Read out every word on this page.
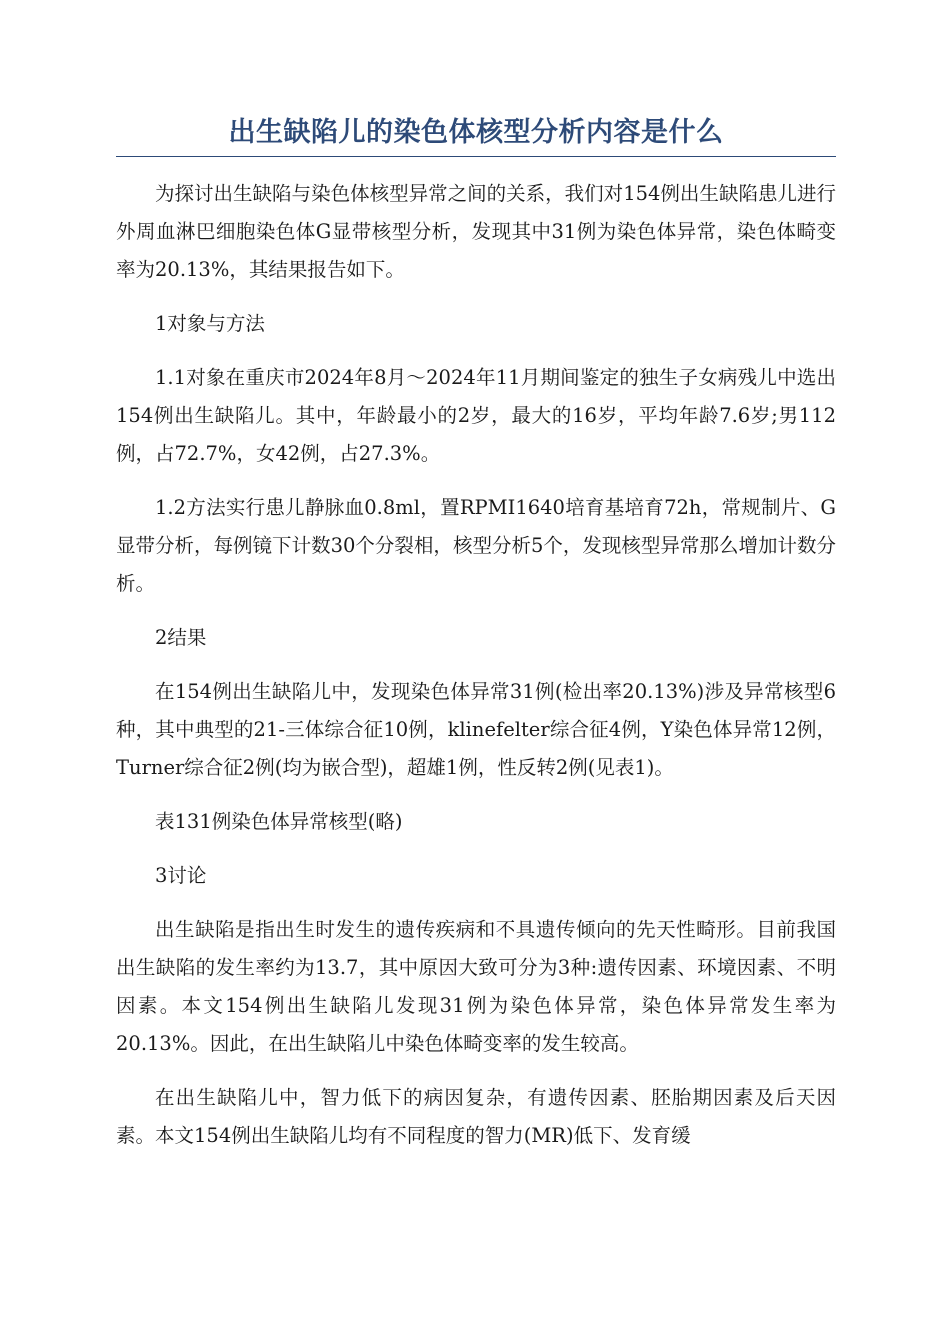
出生缺陷儿的染色体核型分析内容是什么

为探讨出生缺陷与染色体核型异常之间的关系，我们对154例出生缺陷患儿进行外周血淋巴细胞染色体G显带核型分析，发现其中31例为染色体异常，染色体畸变率为20.13%，其结果报告如下。

1对象与方法

1.1对象在重庆市2024年8月～2024年11月期间鉴定的独生子女病残儿中选出154例出生缺陷儿。其中，年龄最小的2岁，最大的16岁，平均年龄7.6岁;男112例，占72.7%，女42例，占27.3%。

1.2方法实行患儿静脉血0.8ml，置RPMI1640培育基培育72h，常规制片、G显带分析，每例镜下计数30个分裂相，核型分析5个，发现核型异常那么增加计数分析。

2结果

在154例出生缺陷儿中，发现染色体异常31例(检出率20.13%)涉及异常核型6种，其中典型的21-三体综合征10例，klinefelter综合征4例，Y染色体异常12例，Turner综合征2例(均为嵌合型)，超雄1例，性反转2例(见表1)。

表131例染色体异常核型(略)

3讨论

出生缺陷是指出生时发生的遗传疾病和不具遗传倾向的先天性畸形。目前我国出生缺陷的发生率约为13.7，其中原因大致可分为3种:遗传因素、环境因素、不明因素。本文154例出生缺陷儿发现31例为染色体异常，染色体异常发生率为20.13%。因此，在出生缺陷儿中染色体畸变率的发生较高。

在出生缺陷儿中，智力低下的病因复杂，有遗传因素、胚胎期因素及后天因素。本文154例出生缺陷儿均有不同程度的智力(MR)低下、发育缓
